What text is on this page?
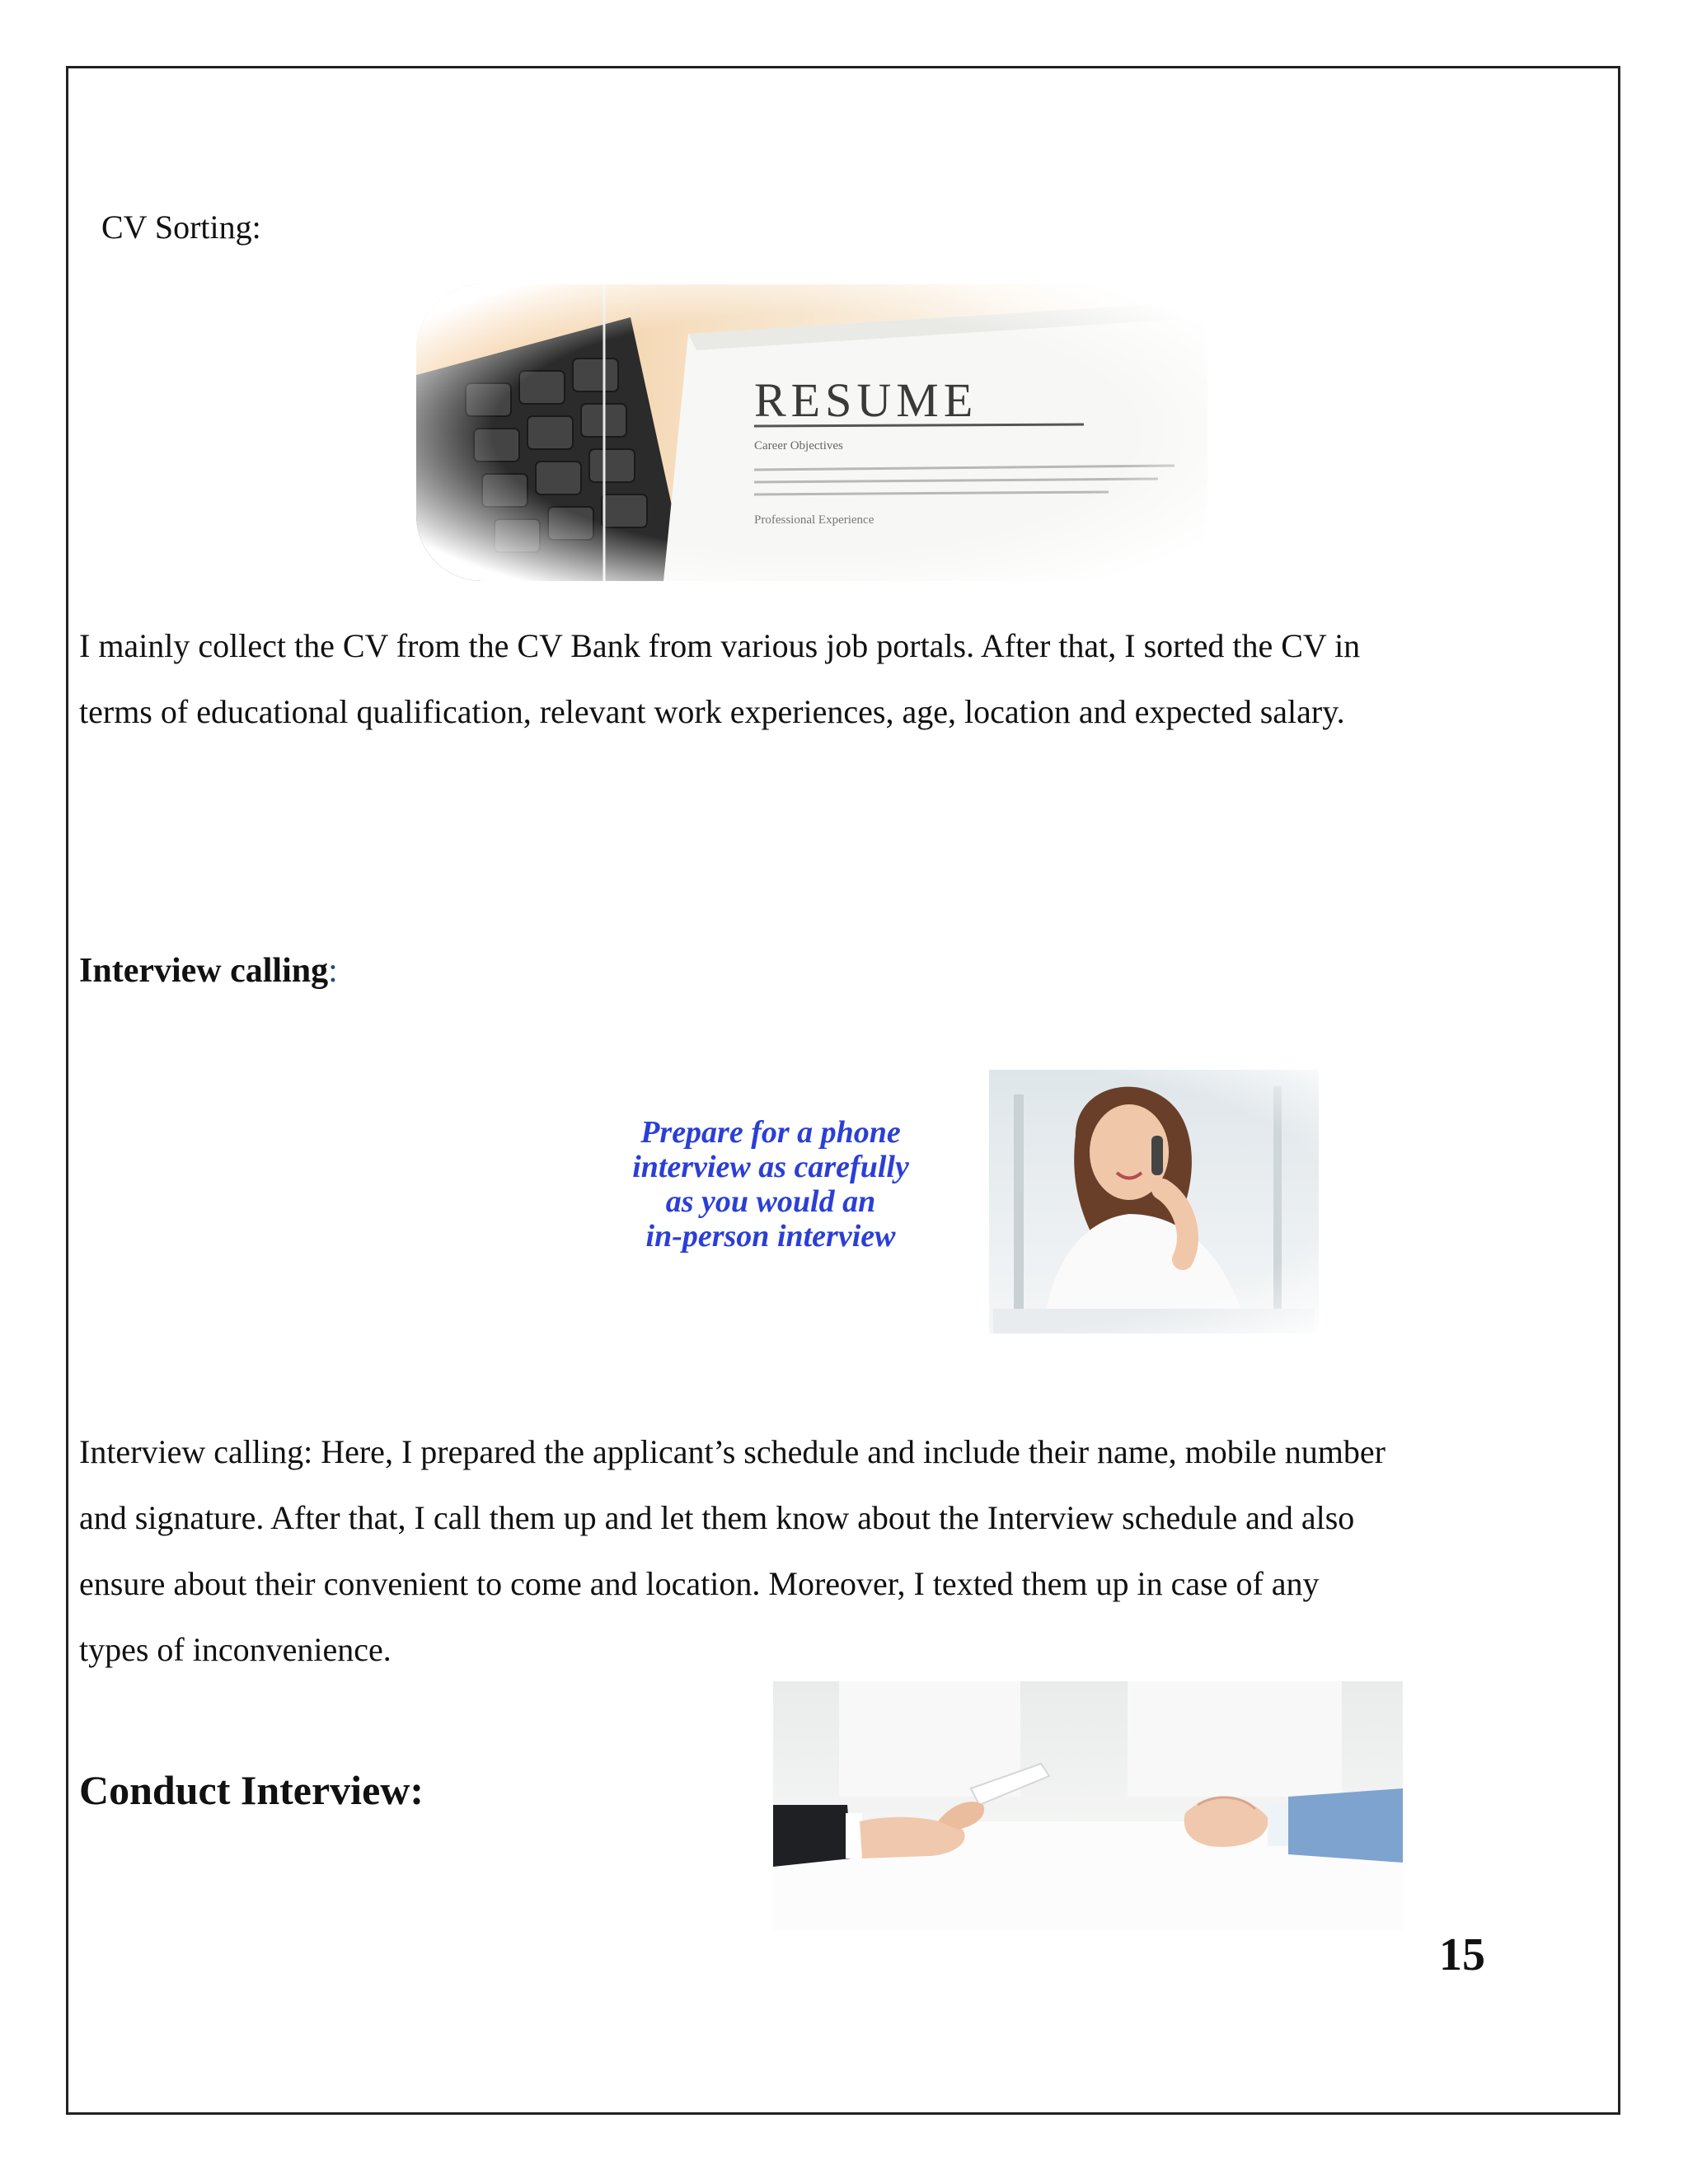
CV Sorting:

I mainly collect the CV from the CV Bank from various job portals. After that, I sorted the CV in

terms of educational qualification, relevant work experiences, age, location and expected salary.

Interview calling:

Interview calling: Here, I prepared the applicant’s schedule and include their name, mobile number

and signature. After that, I call them up and let them know about the Interview schedule and also

ensure about their convenient to come and location. Moreover, I texted them up in case of any

types of inconvenience.

Conduct Interview:

15
